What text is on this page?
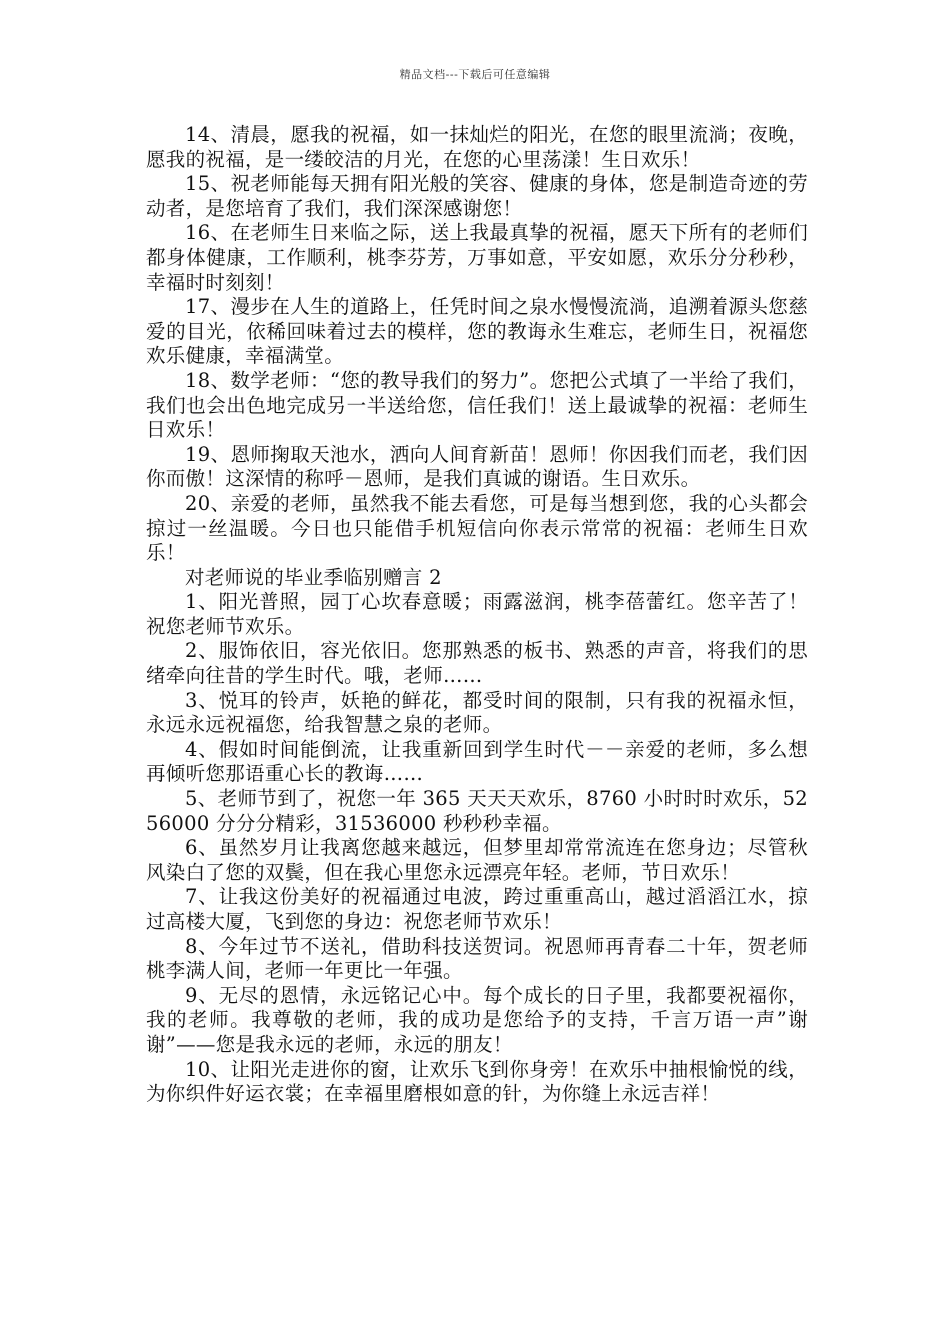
精品文档---下载后可任意编辑

14、清晨，愿我的祝福，如一抹灿烂的阳光，在您的眼里流淌；夜晚，愿我的祝福，是一缕皎洁的月光，在您的心里荡漾！生日欢乐！

15、祝老师能每天拥有阳光般的笑容、健康的身体，您是制造奇迹的劳动者，是您培育了我们，我们深深感谢您！

16、在老师生日来临之际，送上我最真挚的祝福，愿天下所有的老师们都身体健康，工作顺利，桃李芬芳，万事如意，平安如愿，欢乐分分秒秒，幸福时时刻刻！

17、漫步在人生的道路上，任凭时间之泉水慢慢流淌，追溯着源头您慈爱的目光，依稀回味着过去的模样，您的教诲永生难忘，老师生日，祝福您欢乐健康，幸福满堂。

18、数学老师：“您的教导我们的努力”。您把公式填了一半给了我们，我们也会出色地完成另一半送给您，信任我们！送上最诚挚的祝福：老师生日欢乐！

19、恩师掬取天池水，洒向人间育新苗！恩师！你因我们而老，我们因你而傲！这深情的称呼－恩师，是我们真诚的谢语。生日欢乐。

20、亲爱的老师，虽然我不能去看您，可是每当想到您，我的心头都会掠过一丝温暖。今日也只能借手机短信向你表示常常的祝福：老师生日欢乐！

对老师说的毕业季临别赠言 2

1、阳光普照，园丁心坎春意暖；雨露滋润，桃李蓓蕾红。您辛苦了！祝您老师节欢乐。

2、服饰依旧，容光依旧。您那熟悉的板书、熟悉的声音，将我们的思绪牵向往昔的学生时代。哦，老师……

3、悦耳的铃声，妖艳的鲜花，都受时间的限制，只有我的祝福永恒，永远永远祝福您，给我智慧之泉的老师。

4、假如时间能倒流，让我重新回到学生时代－－亲爱的老师，多么想再倾听您那语重心长的教诲……

5、老师节到了，祝您一年 365 天天天欢乐，8760 小时时时欢乐，5256000 分分分精彩，31536000 秒秒秒幸福。

6、虽然岁月让我离您越来越远，但梦里却常常流连在您身边；尽管秋风染白了您的双鬓，但在我心里您永远漂亮年轻。老师，节日欢乐！

7、让我这份美好的祝福通过电波，跨过重重高山，越过滔滔江水，掠过高楼大厦，飞到您的身边：祝您老师节欢乐！

8、今年过节不送礼，借助科技送贺词。祝恩师再青春二十年，贺老师桃李满人间，老师一年更比一年强。

9、无尽的恩情，永远铭记心中。每个成长的日子里，我都要祝福你，我的老师。我尊敬的老师，我的成功是您给予的支持，千言万语一声”谢谢”——您是我永远的老师，永远的朋友！

10、让阳光走进你的窗，让欢乐飞到你身旁！在欢乐中抽根愉悦的线，为你织件好运衣裳；在幸福里磨根如意的针，为你缝上永远吉祥！
